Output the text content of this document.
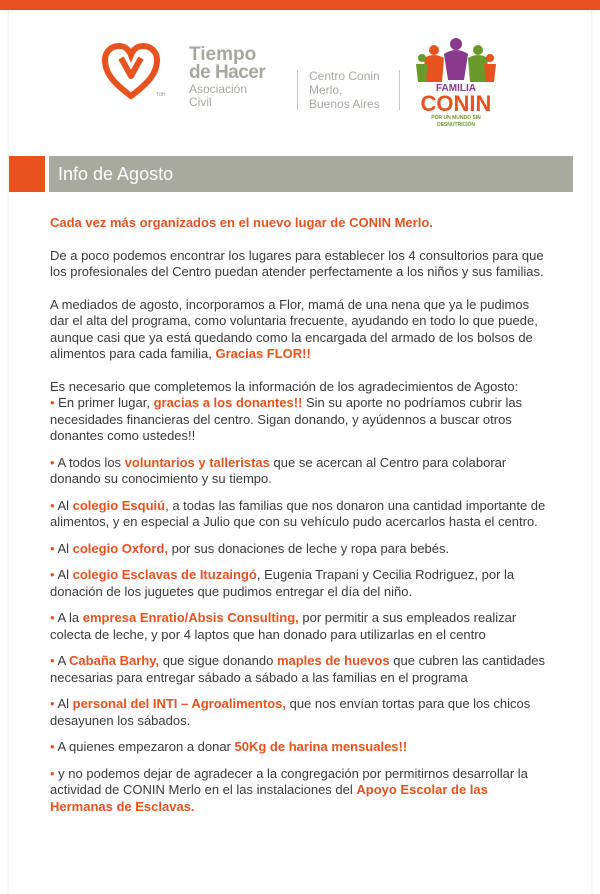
TdH
Tiempo
de Hacer
Asociación
Civil
Centro Conin
Merlo,
Buenos Aires
FAMILIA
CONIN
POR UN MUNDO SIN DESNUTRICIÓN
Info de Agosto

Cada vez más organizados en el nuevo lugar de CONIN Merlo.

De a poco podemos encontrar los lugares para establecer los 4 consultorios para que los profesionales del Centro puedan atender perfectamente a los niños y sus familias.

A mediados de agosto, incorporamos a Flor, mamá de una nena que ya le pudimos dar el alta del programa, como voluntaria frecuente, ayudando en todo lo que puede, aunque casi que ya está quedando como la encargada del armado de los bolsos de alimentos para cada familia, Gracias FLOR!!

Es necesario que completemos la información de los agradecimientos de Agosto:
• En primer lugar, gracias a los donantes!! Sin su aporte no podríamos cubrir las necesidades financieras del centro. Sigan donando, y ayúdennos a buscar otros donantes como ustedes!!

• A todos los voluntarios y talleristas que se acercan al Centro para colaborar donando su conocimiento y su tiempo.

• Al colegio Esquiú, a todas las familias que nos donaron una cantidad importante de alimentos, y en especial a Julio que con su vehículo pudo acercarlos hasta el centro.

• Al colegio Oxford, por sus donaciones de leche y ropa para bebés.

• Al colegio Esclavas de Ituzaingó, Eugenia Trapani y Cecilia Rodriguez, por la donación de los juguetes que pudimos entregar el día del niño.

• A la empresa Enratio/Absis Consulting, por permitir a sus empleados realizar colecta de leche, y por 4 laptos que han donado para utilizarlas en el centro

• A Cabaña Barhy, que sigue donando maples de huevos que cubren las cantidades necesarias para entregar sábado a sábado a las familias en el programa

• Al personal del INTI – Agroalimentos, que nos envían tortas para que los chicos desayunen los sábados.

• A quienes empezaron a donar 50Kg de harina mensuales!!

• y no podemos dejar de agradecer a la congregación por permitirnos desarrollar la actividad de CONIN Merlo en el las instalaciones del Apoyo Escolar de las Hermanas de Esclavas.
